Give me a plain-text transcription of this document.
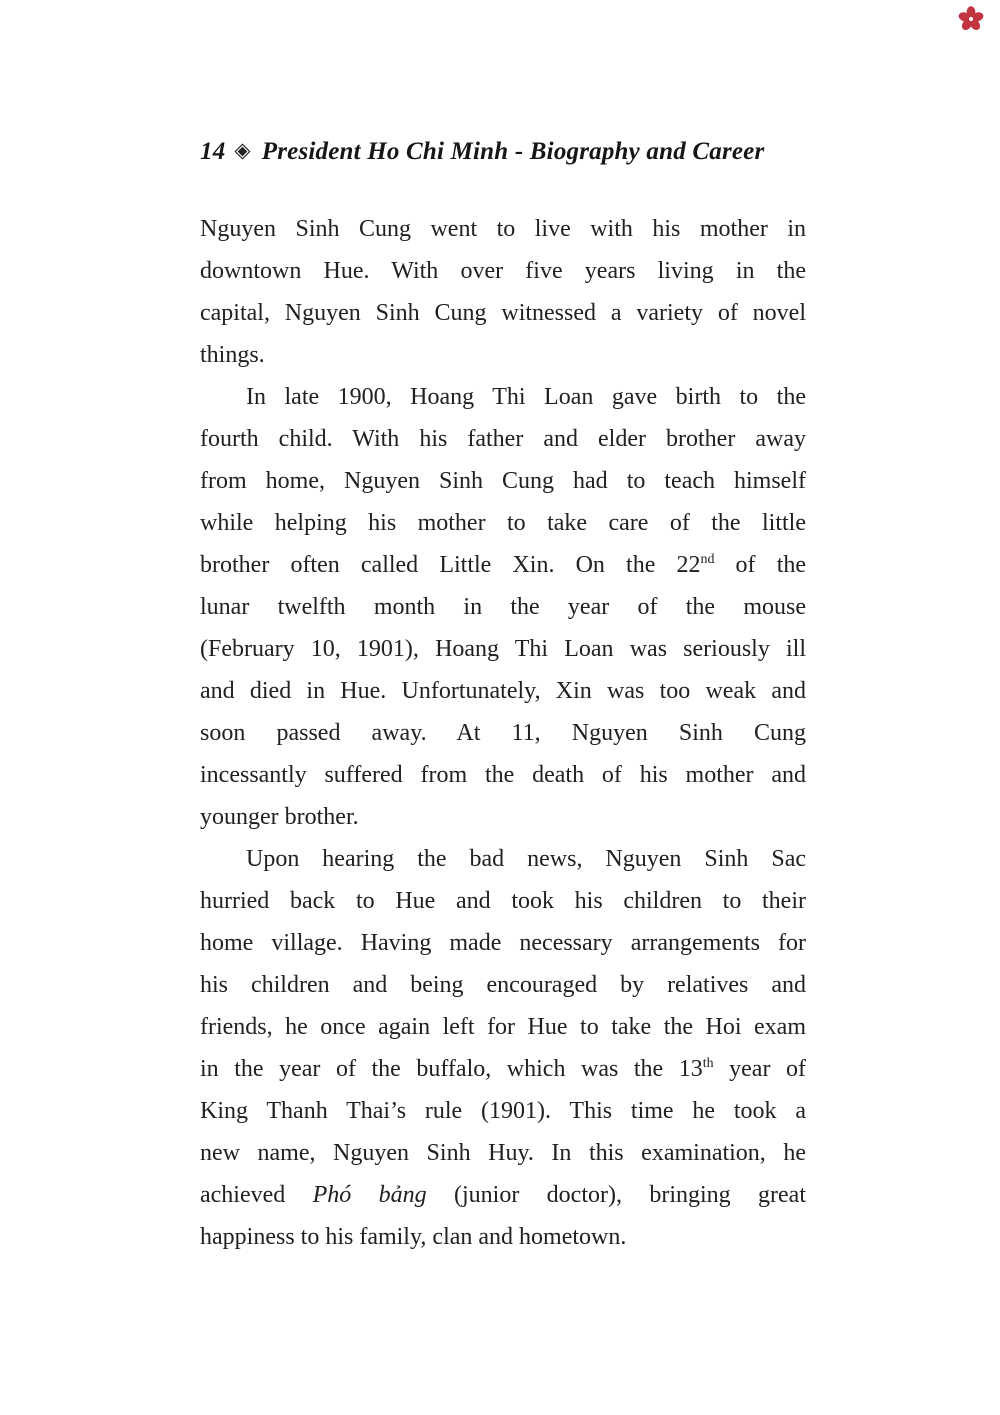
14 ◈ President Ho Chi Minh - Biography and Career
Nguyen Sinh Cung went to live with his mother in
downtown Hue. With over five years living in the
capital, Nguyen Sinh Cung witnessed a variety of novel
things.
In late 1900, Hoang Thi Loan gave birth to the
fourth child. With his father and elder brother away
from home, Nguyen Sinh Cung had to teach himself
while helping his mother to take care of the little
brother often called Little Xin. On the 22nd of the
lunar twelfth month in the year of the mouse
(February 10, 1901), Hoang Thi Loan was seriously ill
and died in Hue. Unfortunately, Xin was too weak and
soon passed away. At 11, Nguyen Sinh Cung
incessantly suffered from the death of his mother and
younger brother.
Upon hearing the bad news, Nguyen Sinh Sac
hurried back to Hue and took his children to their
home village. Having made necessary arrangements for
his children and being encouraged by relatives and
friends, he once again left for Hue to take the Hoi exam
in the year of the buffalo, which was the 13th year of
King Thanh Thai’s rule (1901). This time he took a
new name, Nguyen Sinh Huy. In this examination, he
achieved Phó bảng (junior doctor), bringing great
happiness to his family, clan and hometown.
